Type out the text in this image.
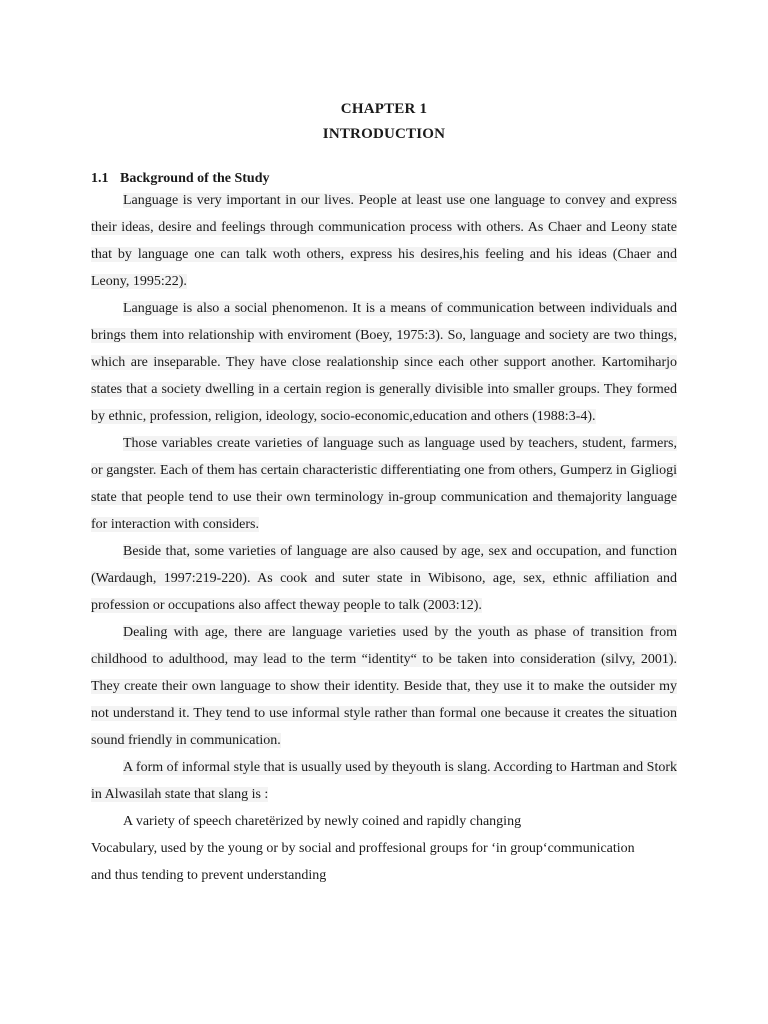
CHAPTER 1
INTRODUCTION
1.1 Background of the Study

Language is very important in our lives. People at least use one language to convey and express their ideas, desire and feelings through communication process with others. As Chaer and Leony state that by language one can talk woth others, express his desires,his feeling and his ideas (Chaer and Leony, 1995:22).

Language is also a social phenomenon. It is a means of communication between individuals and brings them into relationship with enviroment (Boey, 1975:3). So, language and society are two things, which are inseparable. They have close realationship since each other support another. Kartomiharjo states that a society dwelling in a certain region is generally divisible into smaller groups. They formed by ethnic, profession, religion, ideology, socio-economic,education and others (1988:3-4).

Those variables create varieties of language such as language used by teachers, student, farmers, or gangster. Each of them has certain characteristic differentiating one from others, Gumperz in Gigliogi state that people tend to use their own terminology in-group communication and themajority language for interaction with considers.

Beside that, some varieties of language are also caused by age, sex and occupation, and function (Wardaugh, 1997:219-220). As cook and suter state in Wibisono, age, sex, ethnic affiliation and profession or occupations also affect theway people to talk (2003:12).

Dealing with age, there are language varieties used by the youth as phase of transition from childhood to adulthood, may lead to the term “identity“ to be taken into consideration (silvy, 2001). They create their own language to show their identity. Beside that, they use it to make the outsider my not understand it. They tend to use informal style rather than formal one because it creates the situation sound friendly in communication.

A form of informal style that is usually used by theyouth is slang. According to Hartman and Stork in Alwasilah state that slang is :

A variety of speech charetërized by newly coined and rapidly changing

Vocabulary, used by the young or by social and proffesional groups for ‘in group‘communication

and thus tending to prevent understanding
